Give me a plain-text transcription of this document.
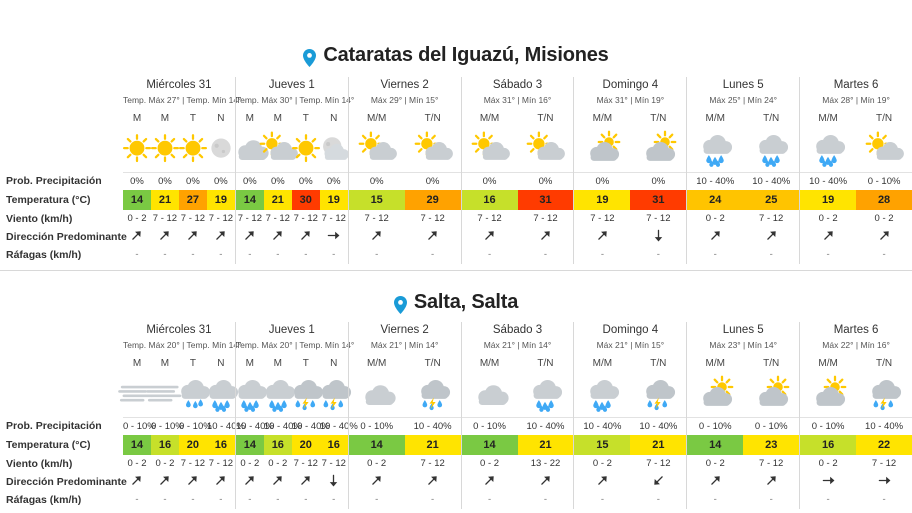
Cataratas del Iguazú, Misiones
Prob. Precipitación
Temperatura (°C)
Viento (km/h)
Dirección Predominante
Ráfagas (km/h)
Miércoles 31
Temp. Máx 27° | Temp. Mín 14°
M	M	T	N
0%	0%	0%	0%
14	21	27	19
0 - 2 7 - 12 7 - 12 7 - 12
-	-	-	-
Jueves 1
Temp. Máx 30° | Temp. Mín 14°
M	M	T	N
0%	0%	0%	0%
14	21	30	19
7 - 12 7 - 12 7 - 12 7 - 12
-	-	-	-
Viernes 2
Máx 29° | Mín 15°
M/M	T/N
0%	0%
15	29
7 - 12	7 - 12
-	-
Sábado 3
Máx 31° | Mín 16°
M/M	T/N
0%	0%
16	31
7 - 12	7 - 12
-	-
Domingo 4
Máx 31° | Mín 19°
M/M	T/N
0%	0%
19	31
7 - 12	7 - 12
-	-
Lunes 5
Máx 25° | Mín 24°
M/M	T/N
10 - 40%	10 - 40%
24	25
0 - 2	7 - 12
-	-
Martes 6
Máx 28° | Mín 19°
M/M	T/N
10 - 40%	0 - 10%
19	28
0 - 2	0 - 2
-	-
Salta, Salta
Prob. Precipitación
Temperatura (°C)
Viento (km/h)
Dirección Predominante
Ráfagas (km/h)
Miércoles 31
Temp. Máx 20° | Temp. Mín 14°
M	M	T	N
0 - 10%
0 - 10%
0 - 10%
10 - 40%
14	16	20	16
0 - 2 0 - 2 7 - 12 7 - 12
-	-	-	-
Jueves 1
Temp. Máx 20° | Temp. Mín 14°
M	M	T	N
10 - 40%
10 - 40%
10 - 40%
10 - 40%
14	16	20	16
0 - 2 0 - 2 7 - 12 7 - 12
-	-	-	-
Viernes 2
Máx 21° | Mín 14°
M/M	T/N
0 - 10%	10 - 40%
14	21
0 - 2	7 - 12
-	-
Sábado 3
Máx 21° | Mín 14°
M/M	T/N
0 - 10%	10 - 40%
14	21
0 - 2	13 - 22
-	-
Domingo 4
Máx 21° | Mín 15°
M/M	T/N
10 - 40%	10 - 40%
15	21
0 - 2	7 - 12
-	-
Lunes 5
Máx 23° | Mín 14°
M/M	T/N
0 - 10%	0 - 10%
14	23
0 - 2	7 - 12
-	-
Martes 6
Máx 22° | Mín 16°
M/M	T/N
0 - 10%	10 - 40%
16	22
0 - 2	7 - 12
-	-
